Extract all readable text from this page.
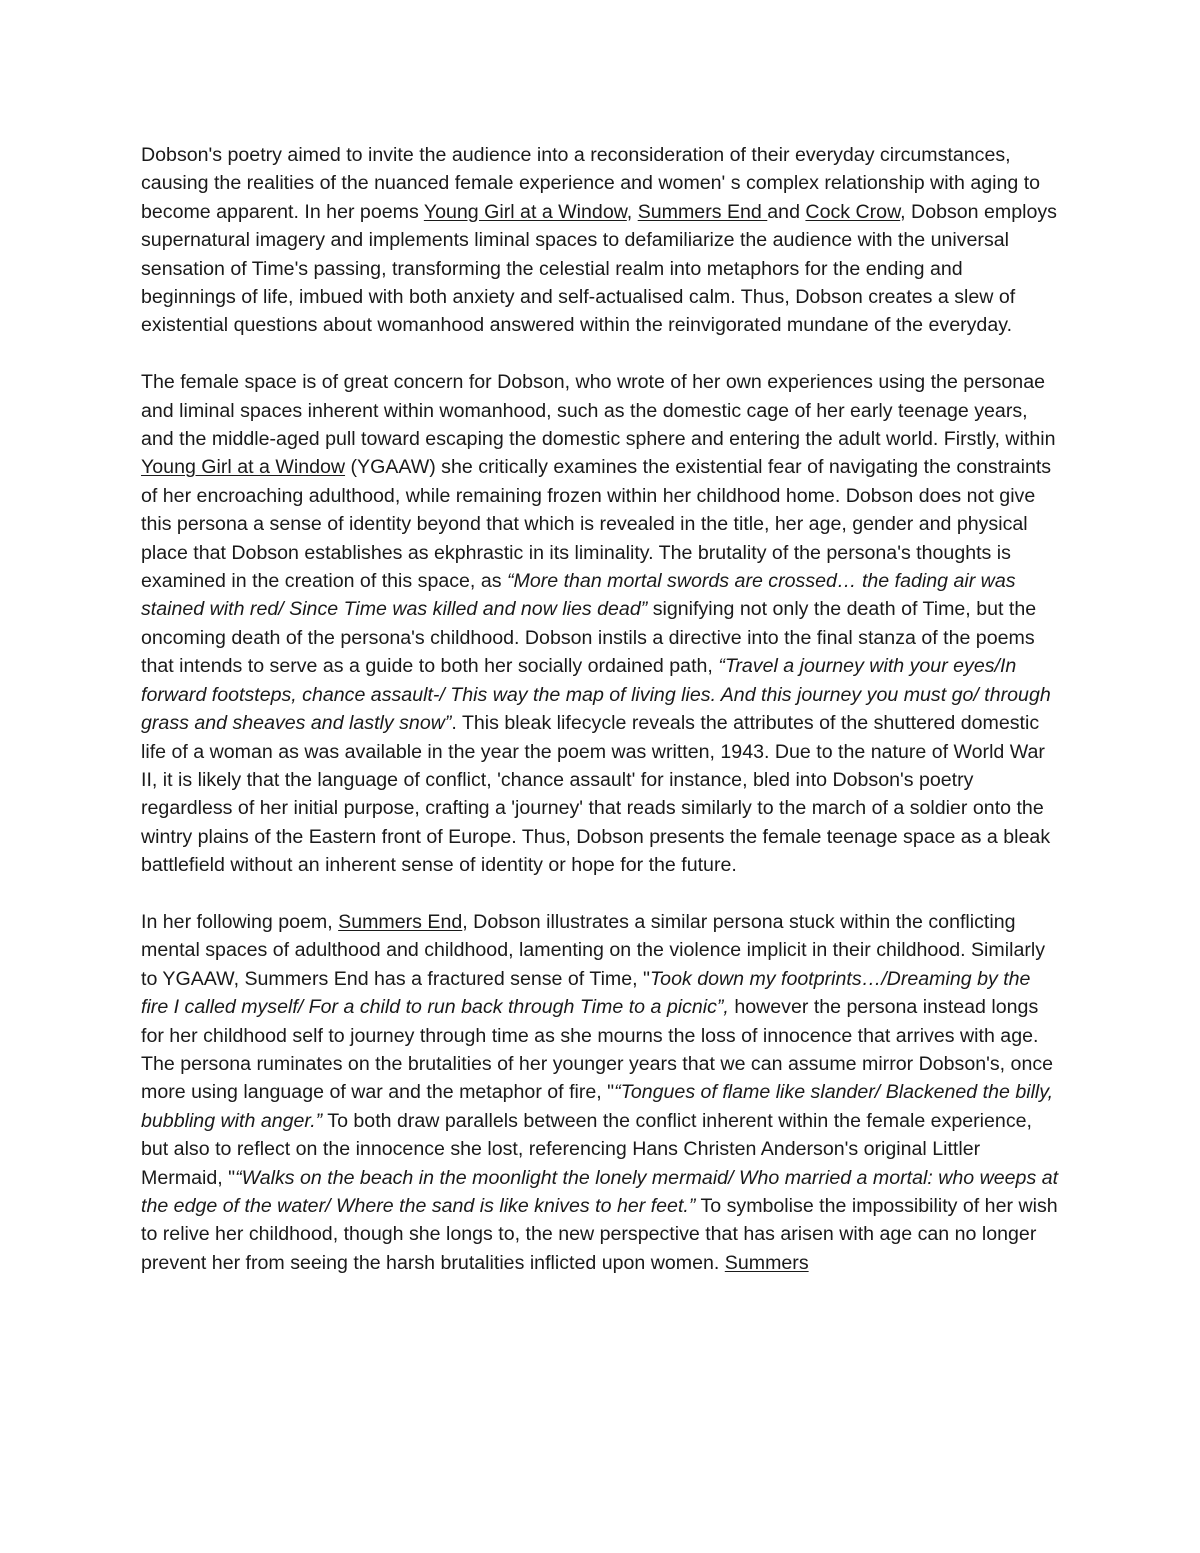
Dobson's poetry aimed to invite the audience into a reconsideration of their everyday circumstances, causing the realities of the nuanced female experience and women' s complex relationship with aging to become apparent. In her poems Young Girl at a Window, Summers End and Cock Crow, Dobson employs supernatural imagery and implements liminal spaces to defamiliarize the audience with the universal sensation of Time's passing, transforming the celestial realm into metaphors for the ending and beginnings of life, imbued with both anxiety and self-actualised calm. Thus, Dobson creates a slew of existential questions about womanhood answered within the reinvigorated mundane of the everyday.

The female space is of great concern for Dobson, who wrote of her own experiences using the personae and liminal spaces inherent within womanhood, such as the domestic cage of her early teenage years, and the middle-aged pull toward escaping the domestic sphere and entering the adult world. Firstly, within Young Girl at a Window (YGAAW) she critically examines the existential fear of navigating the constraints of her encroaching adulthood, while remaining frozen within her childhood home. Dobson does not give this persona a sense of identity beyond that which is revealed in the title, her age, gender and physical place that Dobson establishes as ekphrastic in its liminality. The brutality of the persona's thoughts is examined in the creation of this space, as “More than mortal swords are crossed… the fading air was stained with red/ Since Time was killed and now lies dead” signifying not only the death of Time, but the oncoming death of the persona's childhood. Dobson instils a directive into the final stanza of the poems that intends to serve as a guide to both her socially ordained path, “Travel a journey with your eyes/In forward footsteps, chance assault-/ This way the map of living lies. And this journey you must go/ through grass and sheaves and lastly snow”. This bleak lifecycle reveals the attributes of the shuttered domestic life of a woman as was available in the year the poem was written, 1943. Due to the nature of World War II, it is likely that the language of conflict, 'chance assault' for instance, bled into Dobson's poetry regardless of her initial purpose, crafting a 'journey' that reads similarly to the march of a soldier onto the wintry plains of the Eastern front of Europe. Thus, Dobson presents the female teenage space as a bleak battlefield without an inherent sense of identity or hope for the future.

In her following poem, Summers End, Dobson illustrates a similar persona stuck within the conflicting mental spaces of adulthood and childhood, lamenting on the violence implicit in their childhood. Similarly to YGAAW, Summers End has a fractured sense of Time, "Took down my footprints…/Dreaming by the fire I called myself/ For a child to run back through Time to a picnic”, however the persona instead longs for her childhood self to journey through time as she mourns the loss of innocence that arrives with age. The persona ruminates on the brutalities of her younger years that we can assume mirror Dobson's, once more using language of war and the metaphor of fire, "“Tongues of flame like slander/ Blackened the billy, bubbling with anger.” To both draw parallels between the conflict inherent within the female experience, but also to reflect on the innocence she lost, referencing Hans Christen Anderson's original Littler Mermaid, "“Walks on the beach in the moonlight the lonely mermaid/ Who married a mortal: who weeps at the edge of the water/ Where the sand is like knives to her feet.” To symbolise the impossibility of her wish to relive her childhood, though she longs to, the new perspective that has arisen with age can no longer prevent her from seeing the harsh brutalities inflicted upon women. Summers
